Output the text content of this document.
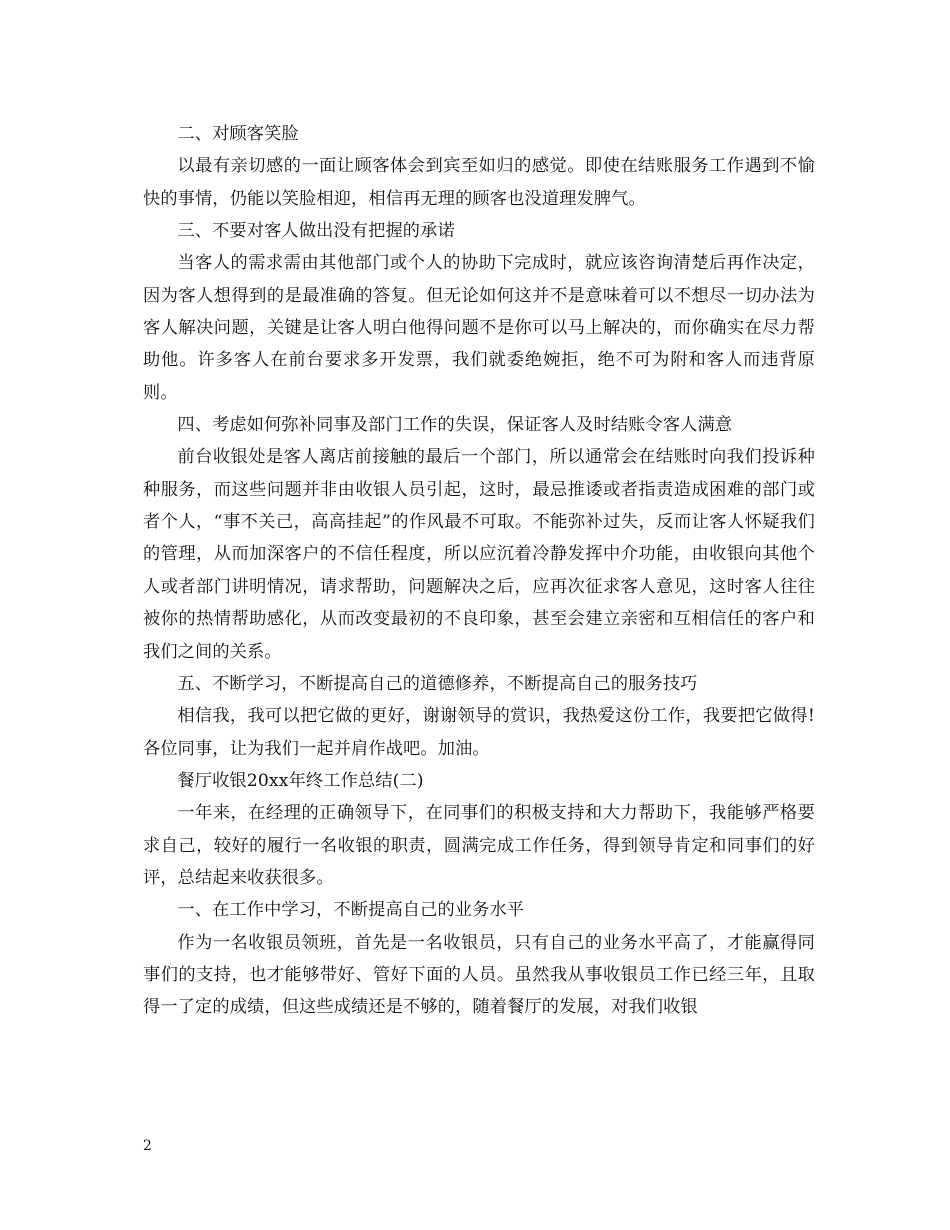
二、对顾客笑脸

以最有亲切感的一面让顾客体会到宾至如归的感觉。即使在结账服务工作遇到不愉快的事情，仍能以笑脸相迎，相信再无理的顾客也没道理发脾气。

三、不要对客人做出没有把握的承诺

当客人的需求需由其他部门或个人的协助下完成时，就应该咨询清楚后再作决定，因为客人想得到的是最准确的答复。但无论如何这并不是意味着可以不想尽一切办法为客人解决问题，关键是让客人明白他得问题不是你可以马上解决的，而你确实在尽力帮助他。许多客人在前台要求多开发票，我们就委绝婉拒，绝不可为附和客人而违背原则。

四、考虑如何弥补同事及部门工作的失误，保证客人及时结账令客人满意

前台收银处是客人离店前接触的最后一个部门，所以通常会在结账时向我们投诉种种服务，而这些问题并非由收银人员引起，这时，最忌推诿或者指责造成困难的部门或者个人，“事不关己，高高挂起”的作风最不可取。不能弥补过失，反而让客人怀疑我们的管理，从而加深客户的不信任程度，所以应沉着冷静发挥中介功能，由收银向其他个人或者部门讲明情况，请求帮助，问题解决之后，应再次征求客人意见，这时客人往往被你的热情帮助感化，从而改变最初的不良印象，甚至会建立亲密和互相信任的客户和我们之间的关系。

五、不断学习，不断提高自己的道德修养，不断提高自己的服务技巧

相信我，我可以把它做的更好，谢谢领导的赏识，我热爱这份工作，我要把它做得!各位同事，让为我们一起并肩作战吧。加油。

餐厅收银20xx年终工作总结(二)

一年来，在经理的正确领导下，在同事们的积极支持和大力帮助下，我能够严格要求自己，较好的履行一名收银的职责，圆满完成工作任务，得到领导肯定和同事们的好评，总结起来收获很多。

一、在工作中学习，不断提高自己的业务水平

作为一名收银员领班，首先是一名收银员，只有自己的业务水平高了，才能赢得同事们的支持，也才能够带好、管好下面的人员。虽然我从事收银员工作已经三年，且取得一了定的成绩，但这些成绩还是不够的，随着餐厅的发展，对我们收银

2
